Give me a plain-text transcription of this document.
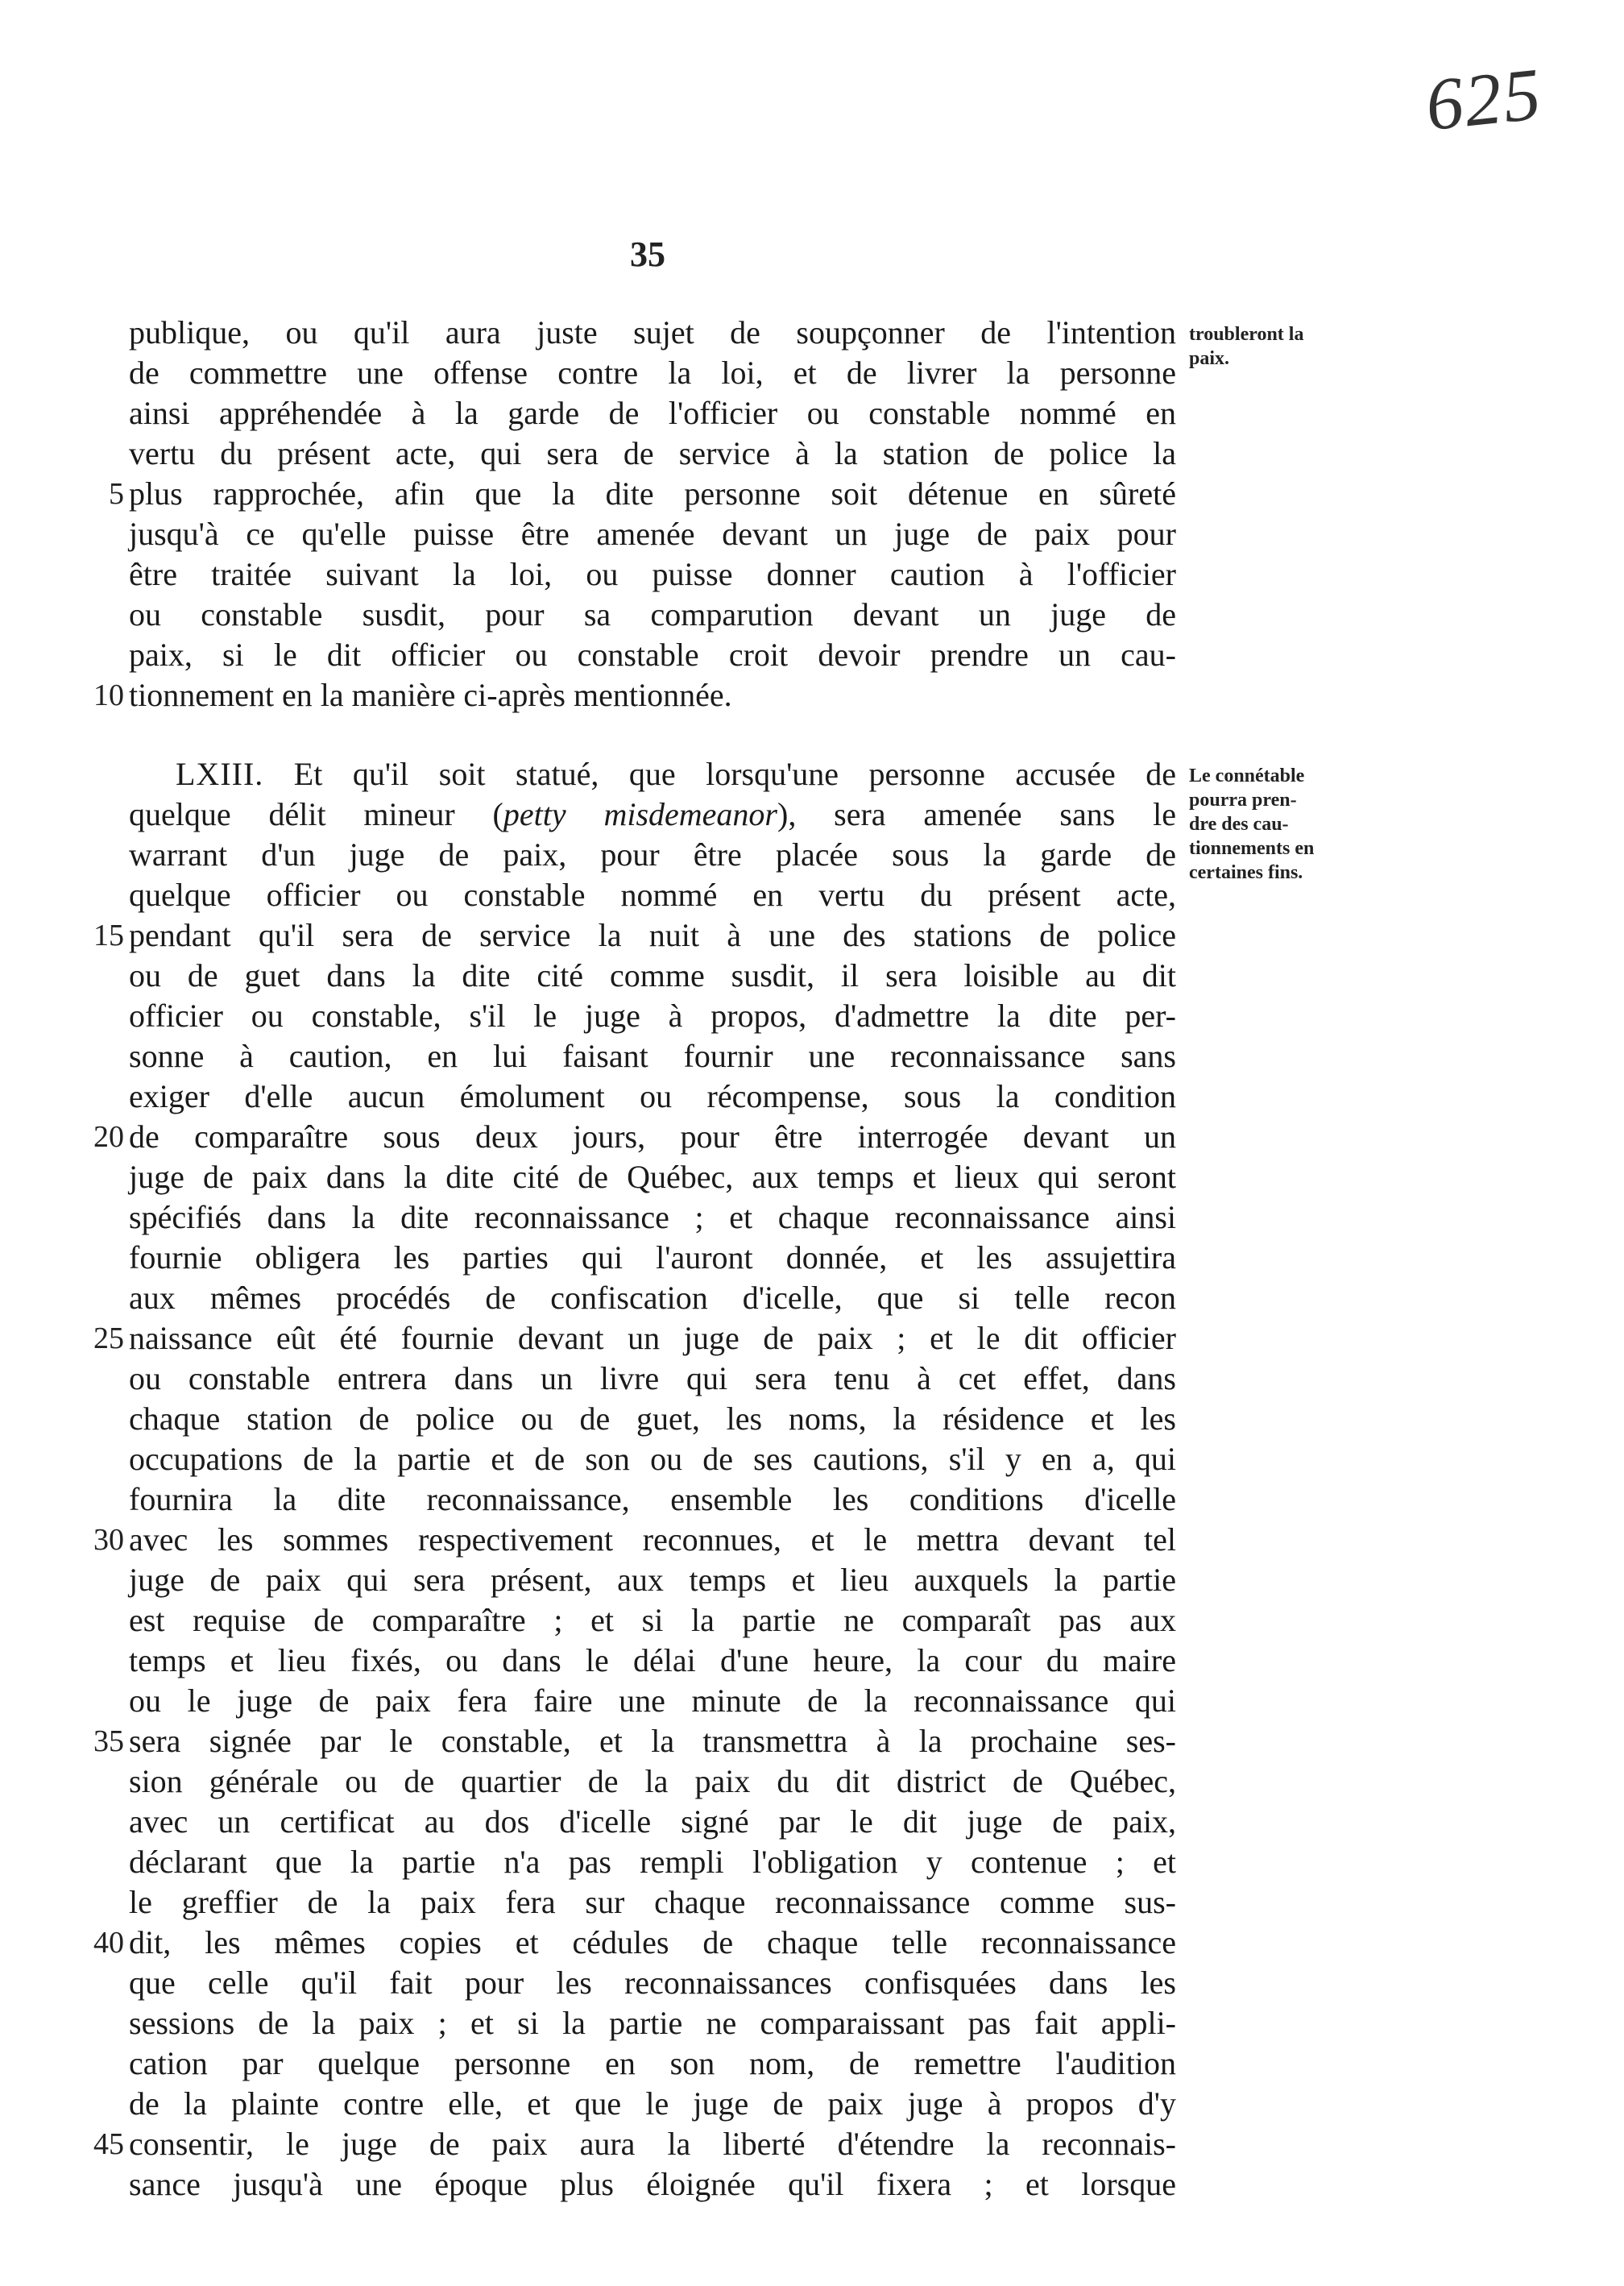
625
35
publique, ou qu'il aura juste sujet de soupçonner de l'intention
de commettre une offense contre la loi, et de livrer la personne
ainsi appréhendée à la garde de l'officier ou constable nommé en
vertu du présent acte, qui sera de service à la station de police la
plus rapprochée, afin que la dite personne soit détenue en sûreté
jusqu'à ce qu'elle puisse être amenée devant un juge de paix pour
être traitée suivant la loi, ou puisse donner caution à l'officier
ou constable susdit, pour sa comparution devant un juge de
paix, si le dit officier ou constable croit devoir prendre un cau-
tionnement en la manière ci-après mentionnée.
LXIII. Et qu'il soit statué, que lorsqu'une personne accusée de
quelque délit mineur (petty misdemeanor), sera amenée sans le
warrant d'un juge de paix, pour être placée sous la garde de
quelque officier ou constable nommé en vertu du présent acte,
pendant qu'il sera de service la nuit à une des stations de police
ou de guet dans la dite cité comme susdit, il sera loisible au dit
officier ou constable, s'il le juge à propos, d'admettre la dite per-
sonne à caution, en lui faisant fournir une reconnaissance sans
exiger d'elle aucun émolument ou récompense, sous la condition
de comparaître sous deux jours, pour être interrogée devant un
juge de paix dans la dite cité de Québec, aux temps et lieux qui seront
spécifiés dans la dite reconnaissance ; et chaque reconnaissance ainsi
fournie obligera les parties qui l'auront donnée, et les assujettira
aux mêmes procédés de confiscation d'icelle, que si telle recon
naissance eût été fournie devant un juge de paix ; et le dit officier
ou constable entrera dans un livre qui sera tenu à cet effet, dans
chaque station de police ou de guet, les noms, la résidence et les
occupations de la partie et de son ou de ses cautions, s'il y en a, qui
fournira la dite reconnaissance, ensemble les conditions d'icelle
avec les sommes respectivement reconnues, et le mettra devant tel
juge de paix qui sera présent, aux temps et lieu auxquels la partie
est requise de comparaître ; et si la partie ne comparaît pas aux
temps et lieu fixés, ou dans le délai d'une heure, la cour du maire
ou le juge de paix fera faire une minute de la reconnaissance qui
sera signée par le constable, et la transmettra à la prochaine ses-
sion générale ou de quartier de la paix du dit district de Québec,
avec un certificat au dos d'icelle signé par le dit juge de paix,
déclarant que la partie n'a pas rempli l'obligation y contenue ; et
le greffier de la paix fera sur chaque reconnaissance comme sus-
dit, les mêmes copies et cédules de chaque telle reconnaissance
que celle qu'il fait pour les reconnaissances confisquées dans les
sessions de la paix ; et si la partie ne comparaissant pas fait appli-
cation par quelque personne en son nom, de remettre l'audition
de la plainte contre elle, et que le juge de paix juge à propos d'y
consentir, le juge de paix aura la liberté d'étendre la reconnais-
sance jusqu'à une époque plus éloignée qu'il fixera ; et lorsque
5
10
15
20
25
30
35
40
45
troubleront la
paix.
Le connétable
pourra pren-
dre des cau-
tionnements en
certaines fins.
